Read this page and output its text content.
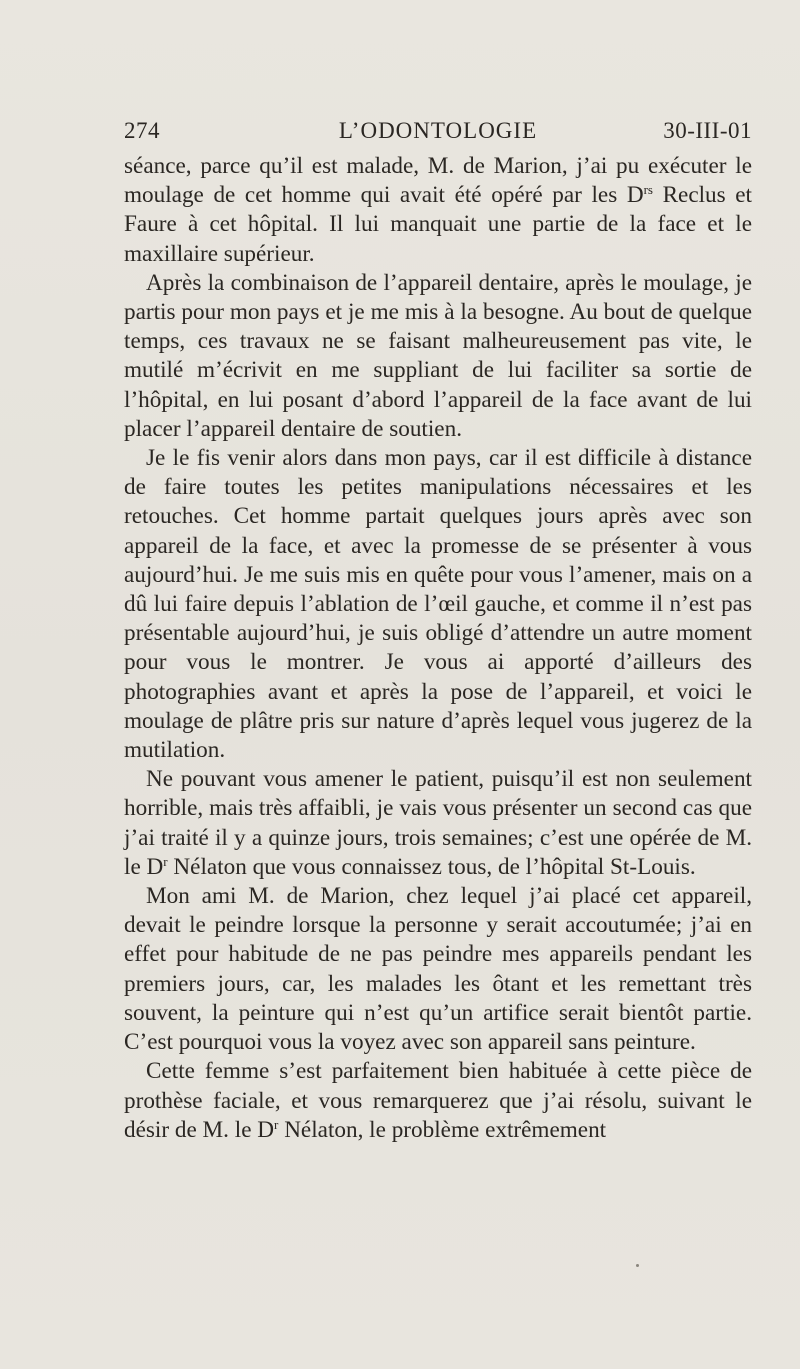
274	L’ODONTOLOGIE	30-III-01

séance, parce qu’il est malade, M. de Marion, j’ai pu exécuter le moulage de cet homme qui avait été opéré par les $D^{rs}$ Reclus et Faure à cet hôpital. Il lui manquait une partie de la face et le maxillaire supérieur.

Après la combinaison de l’appareil dentaire, après le moulage, je partis pour mon pays et je me mis à la besogne. Au bout de quelque temps, ces travaux ne se faisant malheureusement pas vite, le mutilé m’écrivit en me suppliant de lui faciliter sa sortie de l’hôpital, en lui posant d’abord l’appareil de la face avant de lui placer l’appareil dentaire de soutien.

Je le fis venir alors dans mon pays, car il est difficile à distance de faire toutes les petites manipulations nécessaires et les retouches. Cet homme partait quelques jours après avec son appareil de la face, et avec la promesse de se présenter à vous aujourd’hui. Je me suis mis en quête pour vous l’amener, mais on a dû lui faire depuis l’ablation de l’œil gauche, et comme il n’est pas présentable aujourd’hui, je suis obligé d’attendre un autre moment pour vous le montrer. Je vous ai apporté d’ailleurs des photographies avant et après la pose de l’appareil, et voici le moulage de plâtre pris sur nature d’après lequel vous jugerez de la mutilation.

Ne pouvant vous amener le patient, puisqu’il est non seulement horrible, mais très affaibli, je vais vous présenter un second cas que j’ai traité il y a quinze jours, trois semaines; c’est une opérée de M. le $D^r$ Nélaton que vous connaissez tous, de l’hôpital St-Louis.

Mon ami M. de Marion, chez lequel j’ai placé cet appareil, devait le peindre lorsque la personne y serait accoutumée; j’ai en effet pour habitude de ne pas peindre mes appareils pendant les premiers jours, car, les malades les ôtant et les remettant très souvent, la peinture qui n’est qu’un artifice serait bientôt partie. C’est pourquoi vous la voyez avec son appareil sans peinture.

Cette femme s’est parfaitement bien habituée à cette pièce de prothèse faciale, et vous remarquerez que j’ai résolu, suivant le désir de M. le $D^r$ Nélaton, le problème extrêmement
